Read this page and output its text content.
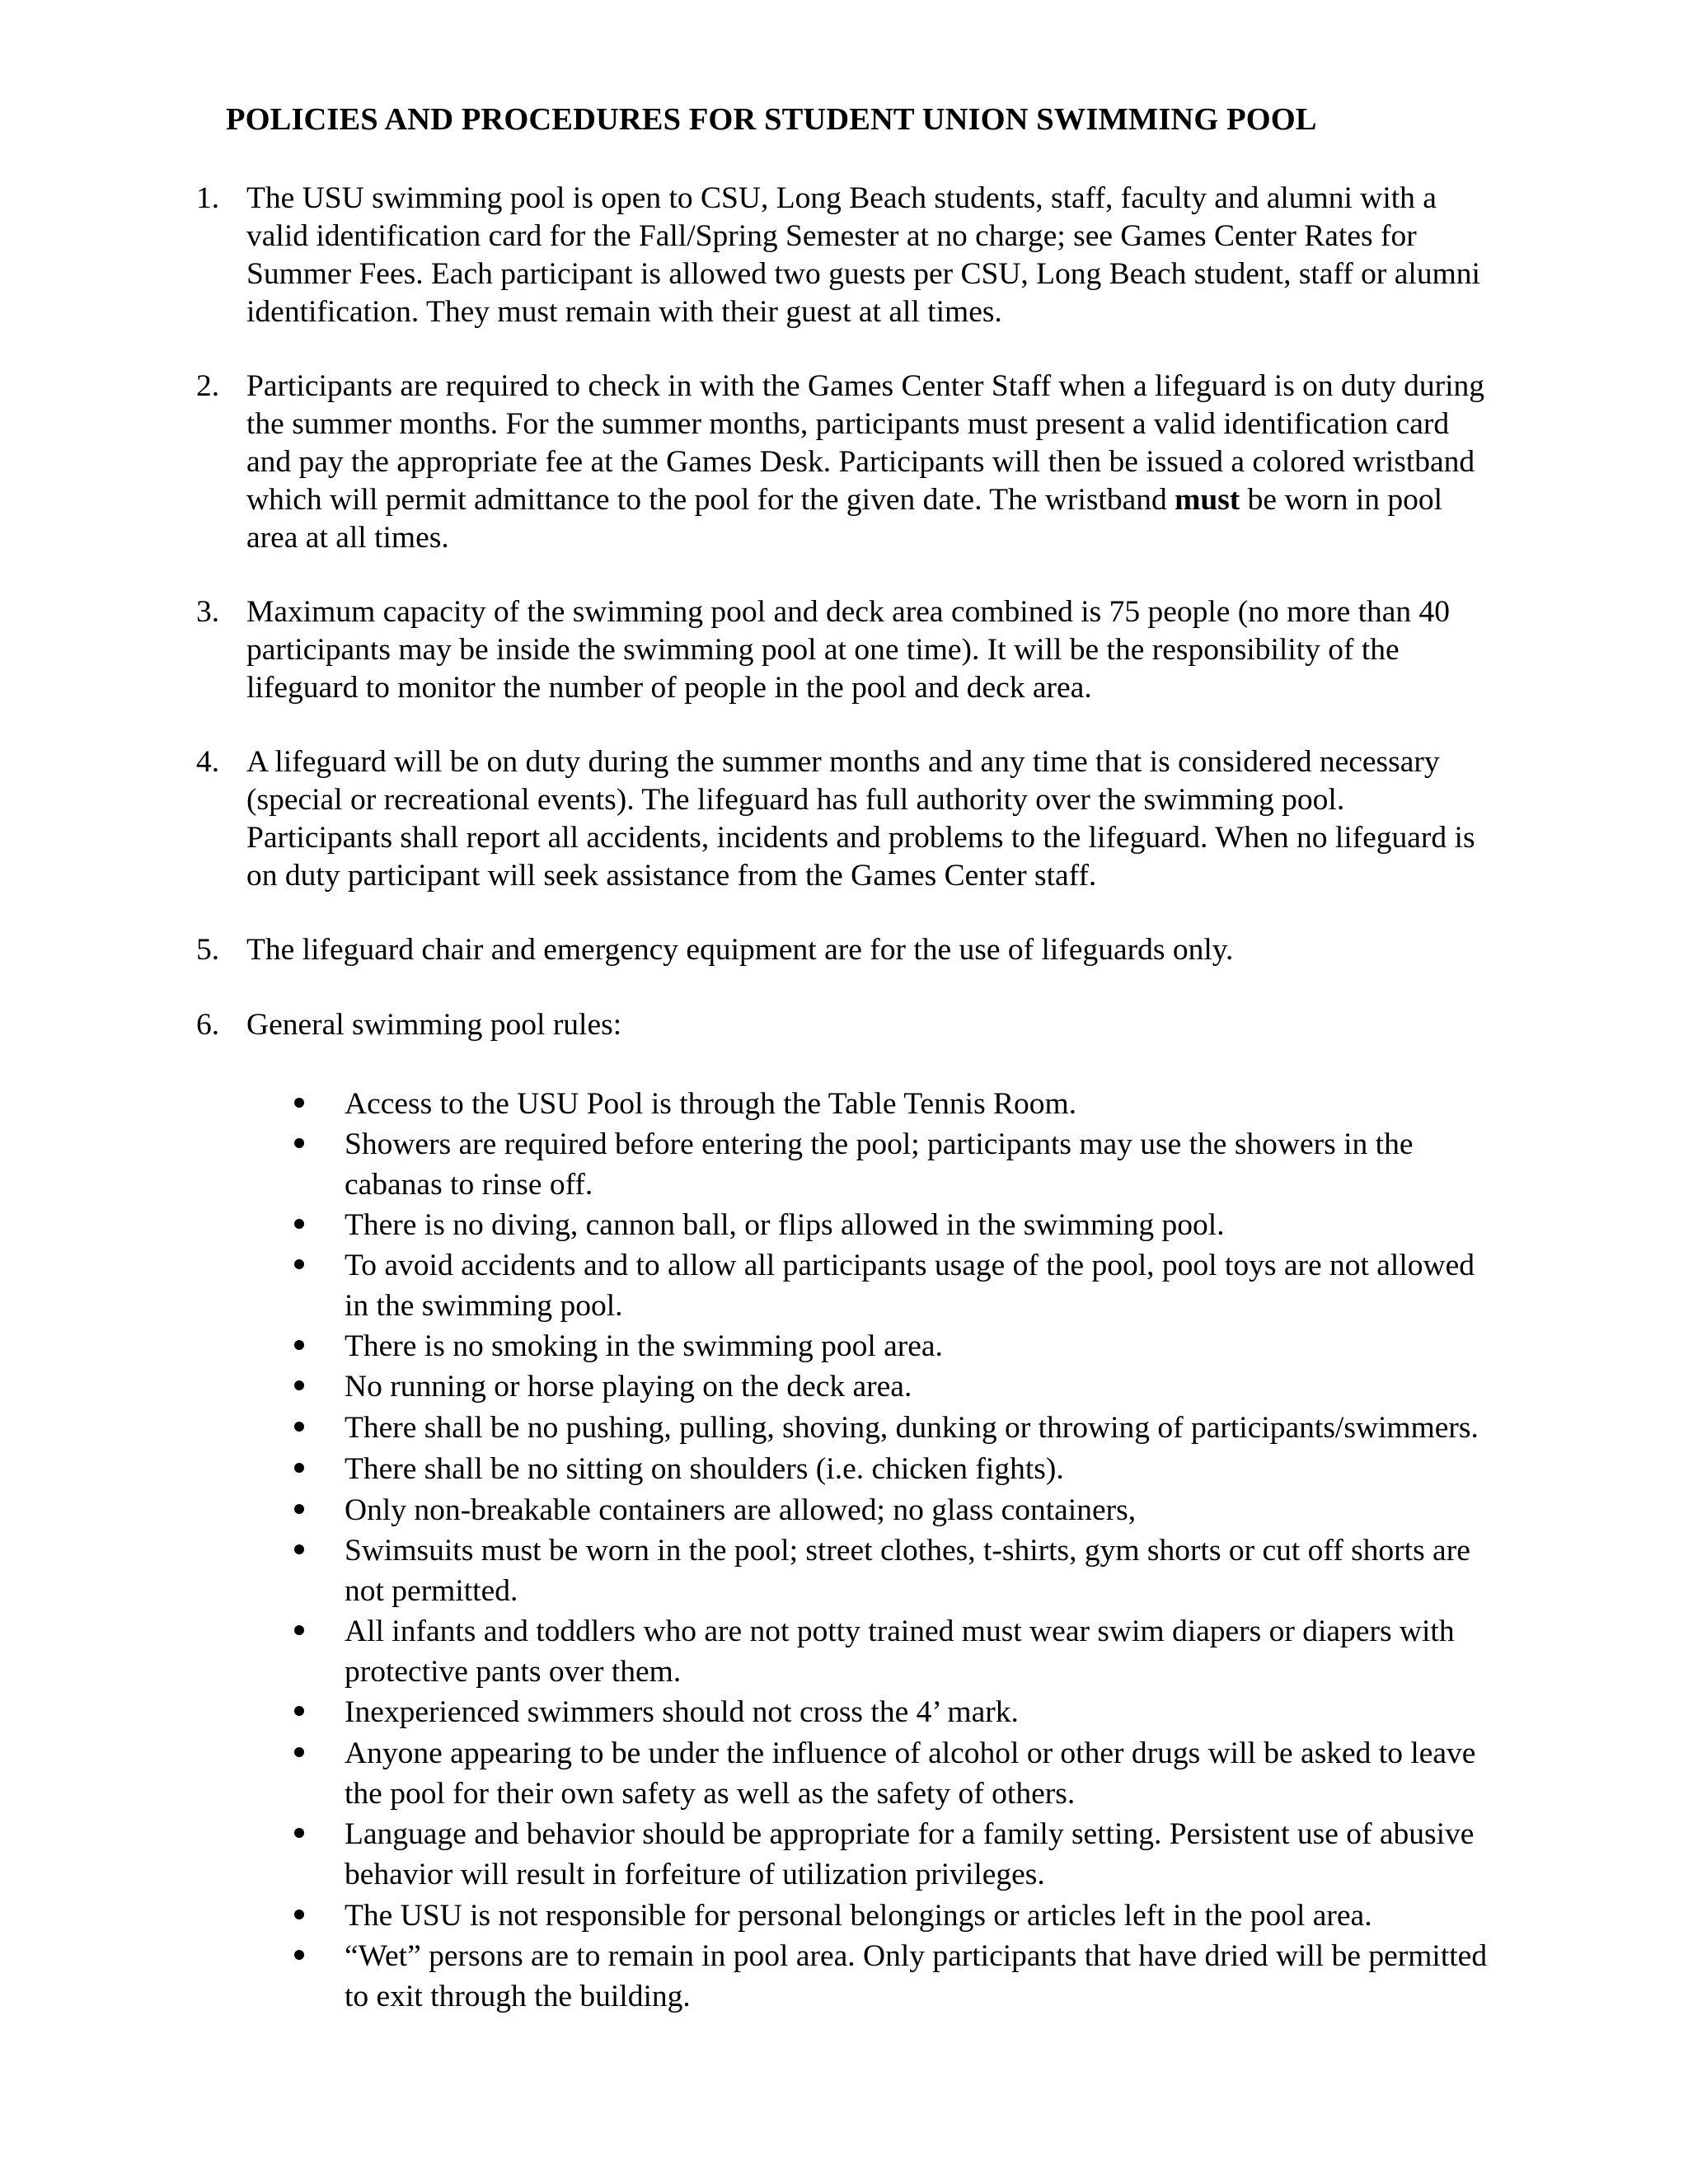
POLICIES AND PROCEDURES FOR STUDENT UNION SWIMMING POOL
1. The USU swimming pool is open to CSU, Long Beach students, staff, faculty and alumni with a
valid identification card for the Fall/Spring Semester at no charge; see Games Center Rates for
Summer Fees. Each participant is allowed two guests per CSU, Long Beach student, staff or alumni
identification. They must remain with their guest at all times.
2. Participants are required to check in with the Games Center Staff when a lifeguard is on duty during
the summer months. For the summer months, participants must present a valid identification card
and pay the appropriate fee at the Games Desk. Participants will then be issued a colored wristband
which will permit admittance to the pool for the given date. The wristband must be worn in pool
area at all times.
3. Maximum capacity of the swimming pool and deck area combined is 75 people (no more than 40
participants may be inside the swimming pool at one time). It will be the responsibility of the
lifeguard to monitor the number of people in the pool and deck area.
4. A lifeguard will be on duty during the summer months and any time that is considered necessary
(special or recreational events). The lifeguard has full authority over the swimming pool.
Participants shall report all accidents, incidents and problems to the lifeguard. When no lifeguard is
on duty participant will seek assistance from the Games Center staff.
5. The lifeguard chair and emergency equipment are for the use of lifeguards only.
6. General swimming pool rules:
Access to the USU Pool is through the Table Tennis Room.
Showers are required before entering the pool; participants may use the showers in the
cabanas to rinse off.
There is no diving, cannon ball, or flips allowed in the swimming pool.
To avoid accidents and to allow all participants usage of the pool, pool toys are not allowed
in the swimming pool.
There is no smoking in the swimming pool area.
No running or horse playing on the deck area.
There shall be no pushing, pulling, shoving, dunking or throwing of participants/swimmers.
There shall be no sitting on shoulders (i.e. chicken fights).
Only non-breakable containers are allowed; no glass containers,
Swimsuits must be worn in the pool; street clothes, t-shirts, gym shorts or cut off shorts are
not permitted.
All infants and toddlers who are not potty trained must wear swim diapers or diapers with
protective pants over them.
Inexperienced swimmers should not cross the 4’ mark.
Anyone appearing to be under the influence of alcohol or other drugs will be asked to leave
the pool for their own safety as well as the safety of others.
Language and behavior should be appropriate for a family setting. Persistent use of abusive
behavior will result in forfeiture of utilization privileges.
The USU is not responsible for personal belongings or articles left in the pool area.
“Wet” persons are to remain in pool area. Only participants that have dried will be permitted
to exit through the building.
